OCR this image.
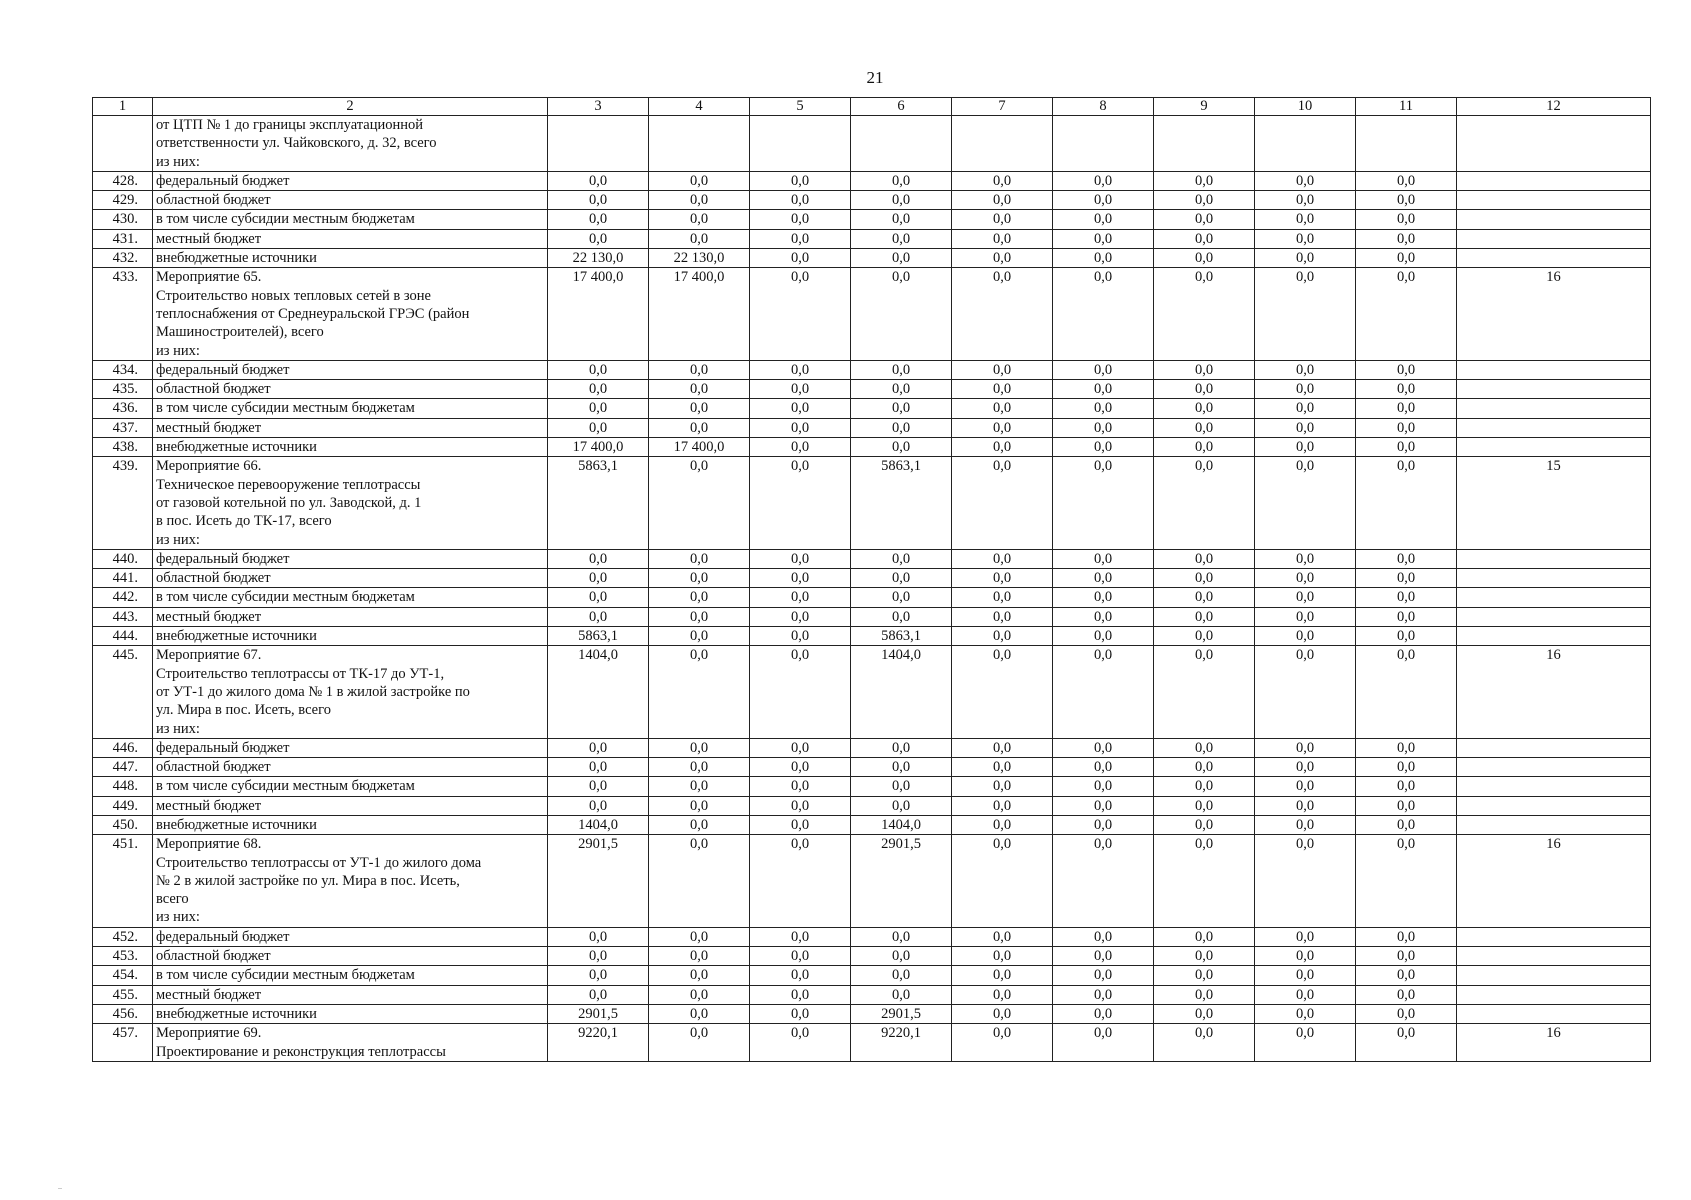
21
1	2	3	4	5	6	7	8	9	10	11	12

	от ЦТП № 1 до границы эксплуатационной
ответственности ул. Чайковского, д. 32, всего
из них:										

428.	федеральный бюджет	0,0	0,0	0,0	0,0	0,0	0,0	0,0	0,0	0,0	
429.	областной бюджет	0,0	0,0	0,0	0,0	0,0	0,0	0,0	0,0	0,0	
430.	в том числе субсидии местным бюджетам	0,0	0,0	0,0	0,0	0,0	0,0	0,0	0,0	0,0	
431.	местный бюджет	0,0	0,0	0,0	0,0	0,0	0,0	0,0	0,0	0,0	
432.	внебюджетные источники	22 130,0	22 130,0	0,0	0,0	0,0	0,0	0,0	0,0	0,0	
433.	Мероприятие 65.
Строительство новых тепловых сетей в зоне
теплоснабжения от Среднеуральской ГРЭС (район
Машиностроителей), всего
из них:	17 400,0	17 400,0	0,0	0,0	0,0	0,0	0,0	0,0	0,0	16
434.	федеральный бюджет	0,0	0,0	0,0	0,0	0,0	0,0	0,0	0,0	0,0	
435.	областной бюджет	0,0	0,0	0,0	0,0	0,0	0,0	0,0	0,0	0,0	
436.	в том числе субсидии местным бюджетам	0,0	0,0	0,0	0,0	0,0	0,0	0,0	0,0	0,0	
437.	местный бюджет	0,0	0,0	0,0	0,0	0,0	0,0	0,0	0,0	0,0	
438.	внебюджетные источники	17 400,0	17 400,0	0,0	0,0	0,0	0,0	0,0	0,0	0,0	
439.	Мероприятие 66.
Техническое перевооружение теплотрассы
от газовой котельной по ул. Заводской, д. 1
в пос. Исеть до ТК-17, всего
из них:	5863,1	0,0	0,0	5863,1	0,0	0,0	0,0	0,0	0,0	15
440.	федеральный бюджет	0,0	0,0	0,0	0,0	0,0	0,0	0,0	0,0	0,0	
441.	областной бюджет	0,0	0,0	0,0	0,0	0,0	0,0	0,0	0,0	0,0	
442.	в том числе субсидии местным бюджетам	0,0	0,0	0,0	0,0	0,0	0,0	0,0	0,0	0,0	
443.	местный бюджет	0,0	0,0	0,0	0,0	0,0	0,0	0,0	0,0	0,0	
444.	внебюджетные источники	5863,1	0,0	0,0	5863,1	0,0	0,0	0,0	0,0	0,0	
445.	Мероприятие 67.
Строительство теплотрассы от ТК-17 до УТ-1,
от УТ-1 до жилого дома № 1 в жилой застройке по
ул. Мира в пос. Исеть, всего
из них:	1404,0	0,0	0,0	1404,0	0,0	0,0	0,0	0,0	0,0	16
446.	федеральный бюджет	0,0	0,0	0,0	0,0	0,0	0,0	0,0	0,0	0,0	
447.	областной бюджет	0,0	0,0	0,0	0,0	0,0	0,0	0,0	0,0	0,0	
448.	в том числе субсидии местным бюджетам	0,0	0,0	0,0	0,0	0,0	0,0	0,0	0,0	0,0	
449.	местный бюджет	0,0	0,0	0,0	0,0	0,0	0,0	0,0	0,0	0,0	
450.	внебюджетные источники	1404,0	0,0	0,0	1404,0	0,0	0,0	0,0	0,0	0,0	
451.	Мероприятие 68.
Строительство теплотрассы от УТ-1 до жилого дома
№ 2 в жилой застройке по ул. Мира в пос. Исеть,
всего
из них:	2901,5	0,0	0,0	2901,5	0,0	0,0	0,0	0,0	0,0	16
452.	федеральный бюджет	0,0	0,0	0,0	0,0	0,0	0,0	0,0	0,0	0,0	
453.	областной бюджет	0,0	0,0	0,0	0,0	0,0	0,0	0,0	0,0	0,0	
454.	в том числе субсидии местным бюджетам	0,0	0,0	0,0	0,0	0,0	0,0	0,0	0,0	0,0	
455.	местный бюджет	0,0	0,0	0,0	0,0	0,0	0,0	0,0	0,0	0,0	
456.	внебюджетные источники	2901,5	0,0	0,0	2901,5	0,0	0,0	0,0	0,0	0,0	
457.	Мероприятие 69.
Проектирование и реконструкция теплотрассы	9220,1	0,0	0,0	9220,1	0,0	0,0	0,0	0,0	0,0	16
